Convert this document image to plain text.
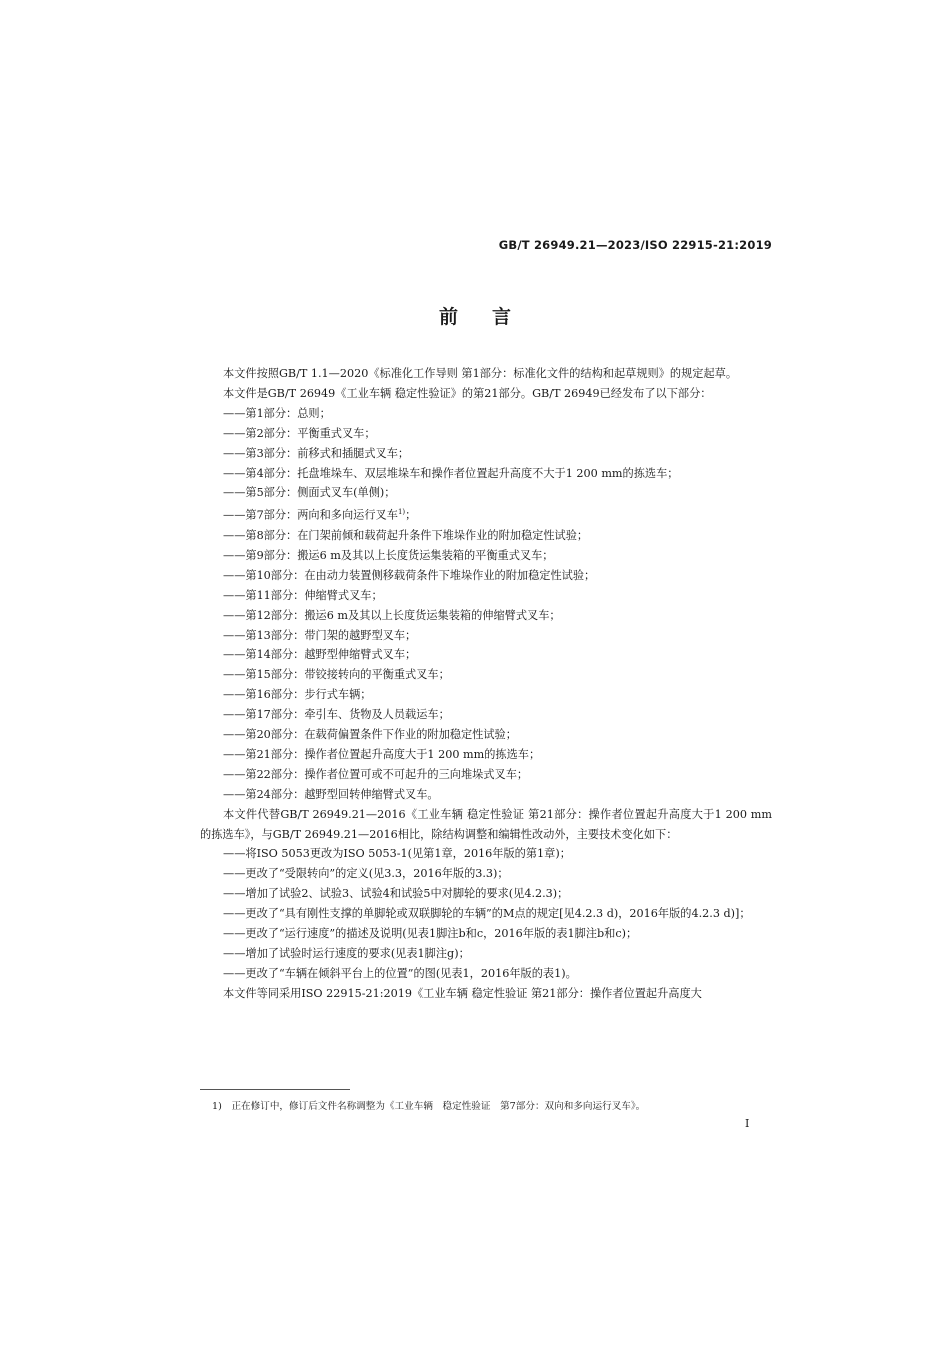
GB/T 26949.21—2023/ISO 22915-21:2019
前言

本文件按照GB/T 1.1—2020《标准化工作导则 第1部分：标准化文件的结构和起草规则》的规定起草。

本文件是GB/T 26949《工业车辆 稳定性验证》的第21部分。GB/T 26949已经发布了以下部分：

——第1部分：总则；

——第2部分：平衡重式叉车；

——第3部分：前移式和插腿式叉车；

——第4部分：托盘堆垛车、双层堆垛车和操作者位置起升高度不大于1 200 mm的拣选车；

——第5部分：侧面式叉车(单侧)；

——第7部分：两向和多向运行叉车$^{1)}$；

——第8部分：在门架前倾和载荷起升条件下堆垛作业的附加稳定性试验；

——第9部分：搬运6 m及其以上长度货运集装箱的平衡重式叉车；

——第10部分：在由动力装置侧移载荷条件下堆垛作业的附加稳定性试验；

——第11部分：伸缩臂式叉车；

——第12部分：搬运6 m及其以上长度货运集装箱的伸缩臂式叉车；

——第13部分：带门架的越野型叉车；

——第14部分：越野型伸缩臂式叉车；

——第15部分：带铰接转向的平衡重式叉车；

——第16部分：步行式车辆；

——第17部分：牵引车、货物及人员载运车；

——第20部分：在载荷偏置条件下作业的附加稳定性试验；

——第21部分：操作者位置起升高度大于1 200 mm的拣选车；

——第22部分：操作者位置可或不可起升的三向堆垛式叉车；

——第24部分：越野型回转伸缩臂式叉车。

本文件代替GB/T 26949.21—2016《工业车辆 稳定性验证 第21部分：操作者位置起升高度大于1 200 mm的拣选车》，与GB/T 26949.21—2016相比，除结构调整和编辑性改动外，主要技术变化如下：

——将ISO 5053更改为ISO 5053-1(见第1章，2016年版的第1章)；

——更改了“受限转向”的定义(见3.3，2016年版的3.3)；

——增加了试验2、试验3、试验4和试验5中对脚轮的要求(见4.2.3)；

——更改了“具有刚性支撑的单脚轮或双联脚轮的车辆”的M点的规定[见4.2.3 d)，2016年版的4.2.3 d)]；

——更改了“运行速度”的描述及说明(见表1脚注b和c，2016年版的表1脚注b和c)；

——增加了试验时运行速度的要求(见表1脚注g)；

——更改了“车辆在倾斜平台上的位置”的图(见表1，2016年版的表1)。

本文件等同采用ISO 22915-21:2019《工业车辆 稳定性验证 第21部分：操作者位置起升高度大

1)　正在修订中，修订后文件名称调整为《工业车辆　稳定性验证　第7部分：双向和多向运行叉车》。
I
